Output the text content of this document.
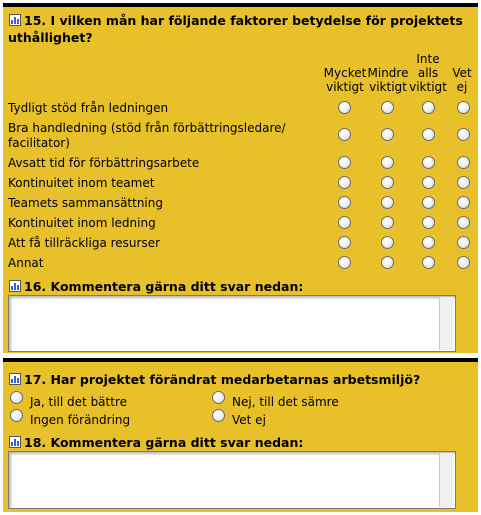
15. I vilken mån har följande faktorer betydelse för projektets
uthållighet?
Mycket
viktigt
Mindre
viktigt
Inte
alls
viktigt
Vet
ej
Tydligt stöd från ledningen
Bra handledning (stöd från förbättringsledare/
facilitator)
Avsatt tid för förbättringsarbete
Kontinuitet inom teamet
Teamets sammansättning
Kontinuitet inom ledning
Att få tillräckliga resurser
Annat
16. Kommentera gärna ditt svar nedan:
17. Har projektet förändrat medarbetarnas arbetsmiljö?
Ja, till det bättre	Nej, till det sämre
Ingen förändring	Vet ej
18. Kommentera gärna ditt svar nedan:
